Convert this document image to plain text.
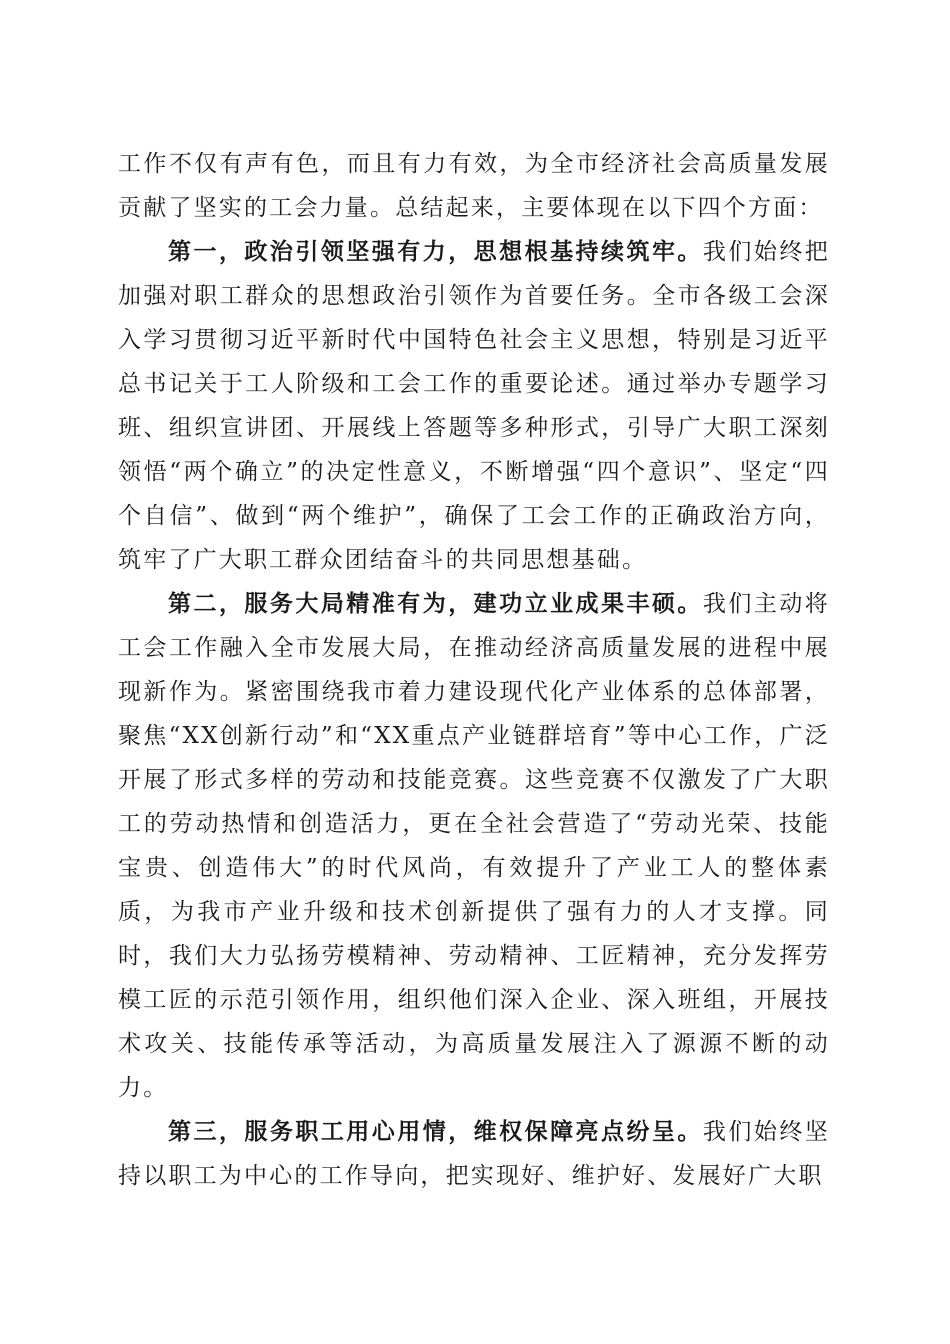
工作不仅有声有色，而且有力有效，为全市经济社会高质量发展贡献了坚实的工会力量。总结起来，主要体现在以下四个方面：

第一，政治引领坚强有力，思想根基持续筑牢。我们始终把加强对职工群众的思想政治引领作为首要任务。全市各级工会深入学习贯彻习近平新时代中国特色社会主义思想，特别是习近平总书记关于工人阶级和工会工作的重要论述。通过举办专题学习班、组织宣讲团、开展线上答题等多种形式，引导广大职工深刻领悟“两个确立”的决定性意义，不断增强“四个意识”、坚定“四个自信”、做到“两个维护”，确保了工会工作的正确政治方向，筑牢了广大职工群众团结奋斗的共同思想基础。

第二，服务大局精准有为，建功立业成果丰硕。我们主动将工会工作融入全市发展大局，在推动经济高质量发展的进程中展现新作为。紧密围绕我市着力建设现代化产业体系的总体部署，聚焦“XX创新行动”和“XX重点产业链群培育”等中心工作，广泛开展了形式多样的劳动和技能竞赛。这些竞赛不仅激发了广大职工的劳动热情和创造活力，更在全社会营造了“劳动光荣、技能宝贵、创造伟大”的时代风尚，有效提升了产业工人的整体素质，为我市产业升级和技术创新提供了强有力的人才支撑。同时，我们大力弘扬劳模精神、劳动精神、工匠精神，充分发挥劳模工匠的示范引领作用，组织他们深入企业、深入班组，开展技术攻关、技能传承等活动，为高质量发展注入了源源不断的动力。

第三，服务职工用心用情，维权保障亮点纷呈。我们始终坚持以职工为中心的工作导向，把实现好、维护好、发展好广大职
